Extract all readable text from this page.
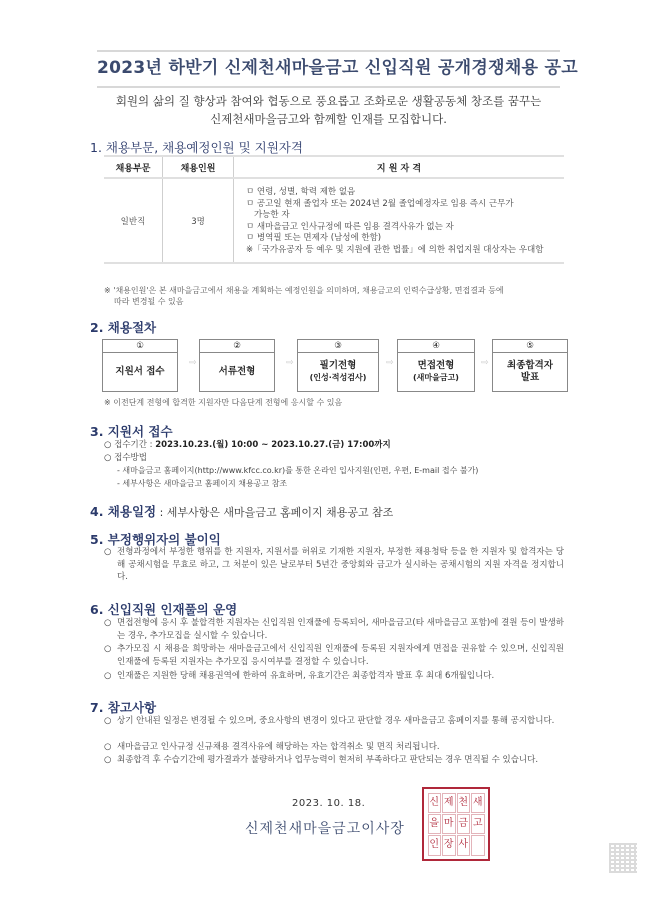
2023년 하반기 신제천새마을금고 신입직원 공개경쟁채용 공고
회원의 삶의 질 향상과 참여와 협동으로 풍요롭고 조화로운 생활공동체 창조를 꿈꾸는
신제천새마을금고와 함께할 인재를 모집합니다.
1. 채용부문, 채용예정인원 및 지원자격
채용부문	채용인원	지 원 자 격
일반직	3명	
ㅁ 연령, 성별, 학력 제한 없음
ㅁ 공고일 현재 졸업자 또는 2024년 2월 졸업예정자로 임용 즉시 근무가
가능한 자
ㅁ 새마을금고 인사규정에 따른 임용 결격사유가 없는 자
ㅁ 병역필 또는 면제자 (남성에 한함)
※「국가유공자 등 예우 및 지원에 관한 법률」에 의한 취업지원 대상자는 우대함
※ '채용인원'은 본 새마을금고에서 채용을 계획하는 예정인원을 의미하며, 채용금고의 인력수급상황, 면접결과 등에
따라 변경될 수 있음
2. 채용절차
①
지원서 접수
⇨
②
서류전형
⇨
③
필기전형
(인성·적성검사)
⇨
④
면접전형
(새마을금고)
⇨
⑤
최종합격자
발표
※ 이전단계 전형에 합격한 지원자만 다음단계 전형에 응시할 수 있음
3. 지원서 접수
○ 접수기간 : 2023.10.23.(월) 10:00 ~ 2023.10.27.(금) 17:00까지
○ 접수방법
- 새마을금고 홈페이지(http://www.kfcc.co.kr)를 통한 온라인 입사지원(인편, 우편, E-mail 접수 불가)
- 세부사항은 새마을금고 홈페이지 채용공고 참조
4. 채용일정 : 세부사항은 새마을금고 홈페이지 채용공고 참조
5. 부정행위자의 불이익
○ 전형과정에서 부정한 행위를 한 지원자, 지원서를 허위로 기재한 지원자, 부정한 채용청탁 등을 한 지원자 및 합격자는 당해 공채시험을 무효로 하고, 그 처분이 있은 날로부터 5년간 중앙회와 금고가 실시하는 공채시험의 지원 자격을 정지합니다.
6. 신입직원 인재풀의 운영
○ 면접전형에 응시 후 불합격한 지원자는 신입직원 인재풀에 등록되어, 새마을금고(타 새마을금고 포함)에 결원 등이 발생하는 경우, 추가모집을 실시할 수 있습니다.
○ 추가모집 시 채용을 희망하는 새마을금고에서 신입직원 인재풀에 등록된 지원자에게 면접을 권유할 수 있으며, 신입직원 인재풀에 등록된 지원자는 추가모집 응시여부를 결정할 수 있습니다.
○ 인재풀은 지원한 당해 채용권역에 한하여 유효하며, 유효기간은 최종합격자 발표 후 최대 6개월입니다.
7. 참고사항
○ 상기 안내된 일정은 변경될 수 있으며, 중요사항의 변경이 있다고 판단할 경우 새마을금고 홈페이지를 통해 공지합니다.
○ 새마을금고 인사규정 신규채용 결격사유에 해당하는 자는 합격취소 및 면직 처리됩니다.
○ 최종합격 후 수습기간에 평가결과가 불량하거나 업무능력이 현저히 부족하다고 판단되는 경우 면직될 수 있습니다.
2023. 10. 18.
신제천새마을금고이사장
신 제 천 새
을 마 금 고
인 장 사
